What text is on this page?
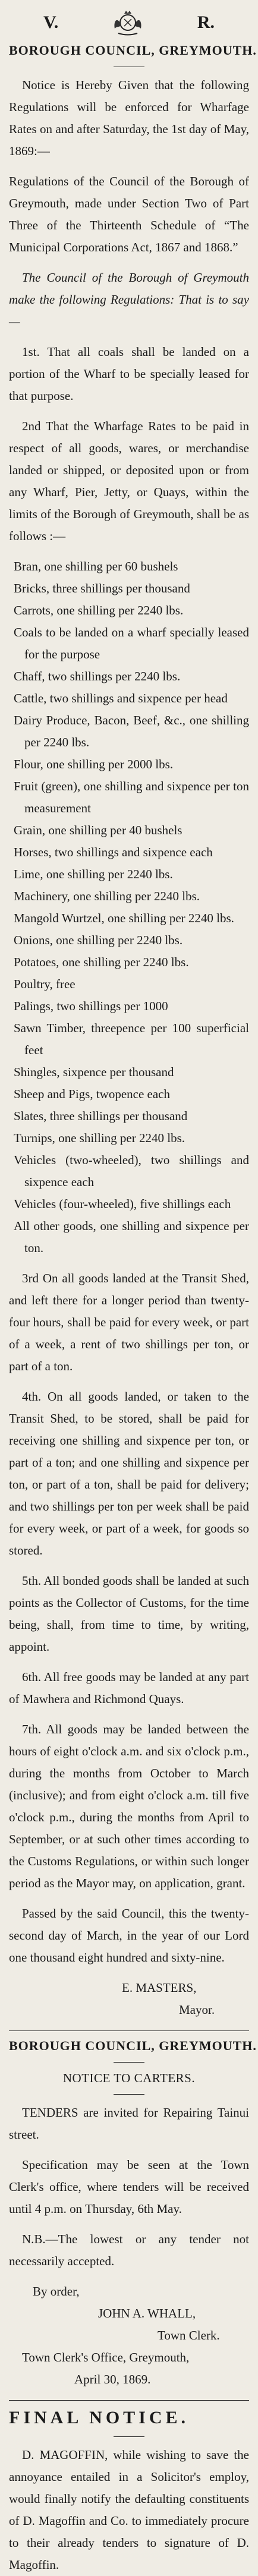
V.	R.
BOROUGH COUNCIL, GREYMOUTH.

Notice is Hereby Given that the following Regulations will be enforced for Wharfage Rates on and after Saturday, the 1st day of May, 1869:—

Regulations of the Council of the Borough of Greymouth, made under Section Two of Part Three of the Thirteenth Schedule of “The Municipal Corporations Act, 1867 and 1868.”

The Council of the Borough of Greymouth make the following Regulations: That is to say—

1st. That all coals shall be landed on a portion of the Wharf to be specially leased for that purpose.

2nd That the Wharfage Rates to be paid in respect of all goods, wares, or merchandise landed or shipped, or deposited upon or from any Wharf, Pier, Jetty, or Quays, within the limits of the Borough of Greymouth, shall be as follows :—

Bran, one shilling per 60 bushels
Bricks, three shillings per thousand
Carrots, one shilling per 2240 lbs.
Coals to be landed on a wharf specially leased for the purpose
Chaff, two shillings per 2240 lbs.
Cattle, two shillings and sixpence per head
Dairy Produce, Bacon, Beef, &c., one shilling per 2240 lbs.
Flour, one shilling per 2000 lbs.
Fruit (green), one shilling and sixpence per ton measurement
Grain, one shilling per 40 bushels
Horses, two shillings and sixpence each
Lime, one shilling per 2240 lbs.
Machinery, one shilling per 2240 lbs.
Mangold Wurtzel, one shilling per 2240 lbs.
Onions, one shilling per 2240 lbs.
Potatoes, one shilling per 2240 lbs.
Poultry, free
Palings, two shillings per 1000
Sawn Timber, threepence per 100 superficial feet
Shingles, sixpence per thousand
Sheep and Pigs, twopence each
Slates, three shillings per thousand
Turnips, one shilling per 2240 lbs.
Vehicles (two-wheeled), two shillings and sixpence each
Vehicles (four-wheeled), five shillings each
All other goods, one shilling and sixpence per ton.

3rd On all goods landed at the Transit Shed, and left there for a longer period than twenty-four hours, shall be paid for every week, or part of a week, a rent of two shillings per ton, or part of a ton.

4th. On all goods landed, or taken to the Transit Shed, to be stored, shall be paid for receiving one shilling and sixpence per ton, or part of a ton; and one shilling and sixpence per ton, or part of a ton, shall be paid for delivery; and two shillings per ton per week shall be paid for every week, or part of a week, for goods so stored.

5th. All bonded goods shall be landed at such points as the Collector of Customs, for the time being, shall, from time to time, by writing, appoint.

6th. All free goods may be landed at any part of Mawhera and Richmond Quays.

7th. All goods may be landed between the hours of eight o'clock a.m. and six o'clock p.m., during the months from October to March (inclusive); and from eight o'clock a.m. till five o'clock p.m., during the months from April to September, or at such other times according to the Customs Regulations, or within such longer period as the Mayor may, on application, grant.

Passed by the said Council, this the twenty-second day of March, in the year of our Lord one thousand eight hundred and sixty-nine.

E. MASTERS,
Mayor.
BOROUGH COUNCIL, GREYMOUTH.
NOTICE TO CARTERS.

TENDERS are invited for Repairing Tainui street.

Specification may be seen at the Town Clerk's office, where tenders will be received until 4 p.m. on Thursday, 6th May.

N.B.—The lowest or any tender not necessarily accepted.

By order,
JOHN A. WHALL,
Town Clerk.
Town Clerk's Office, Greymouth,
April 30, 1869.
FINAL NOTICE.

D. MAGOFFIN, while wishing to save the annoyance entailed in a Solicitor's employ, would finally notify the defaulting constituents of D. Magoffin and Co. to immediately procure to their already tenders to signature of D. Magoffin.
